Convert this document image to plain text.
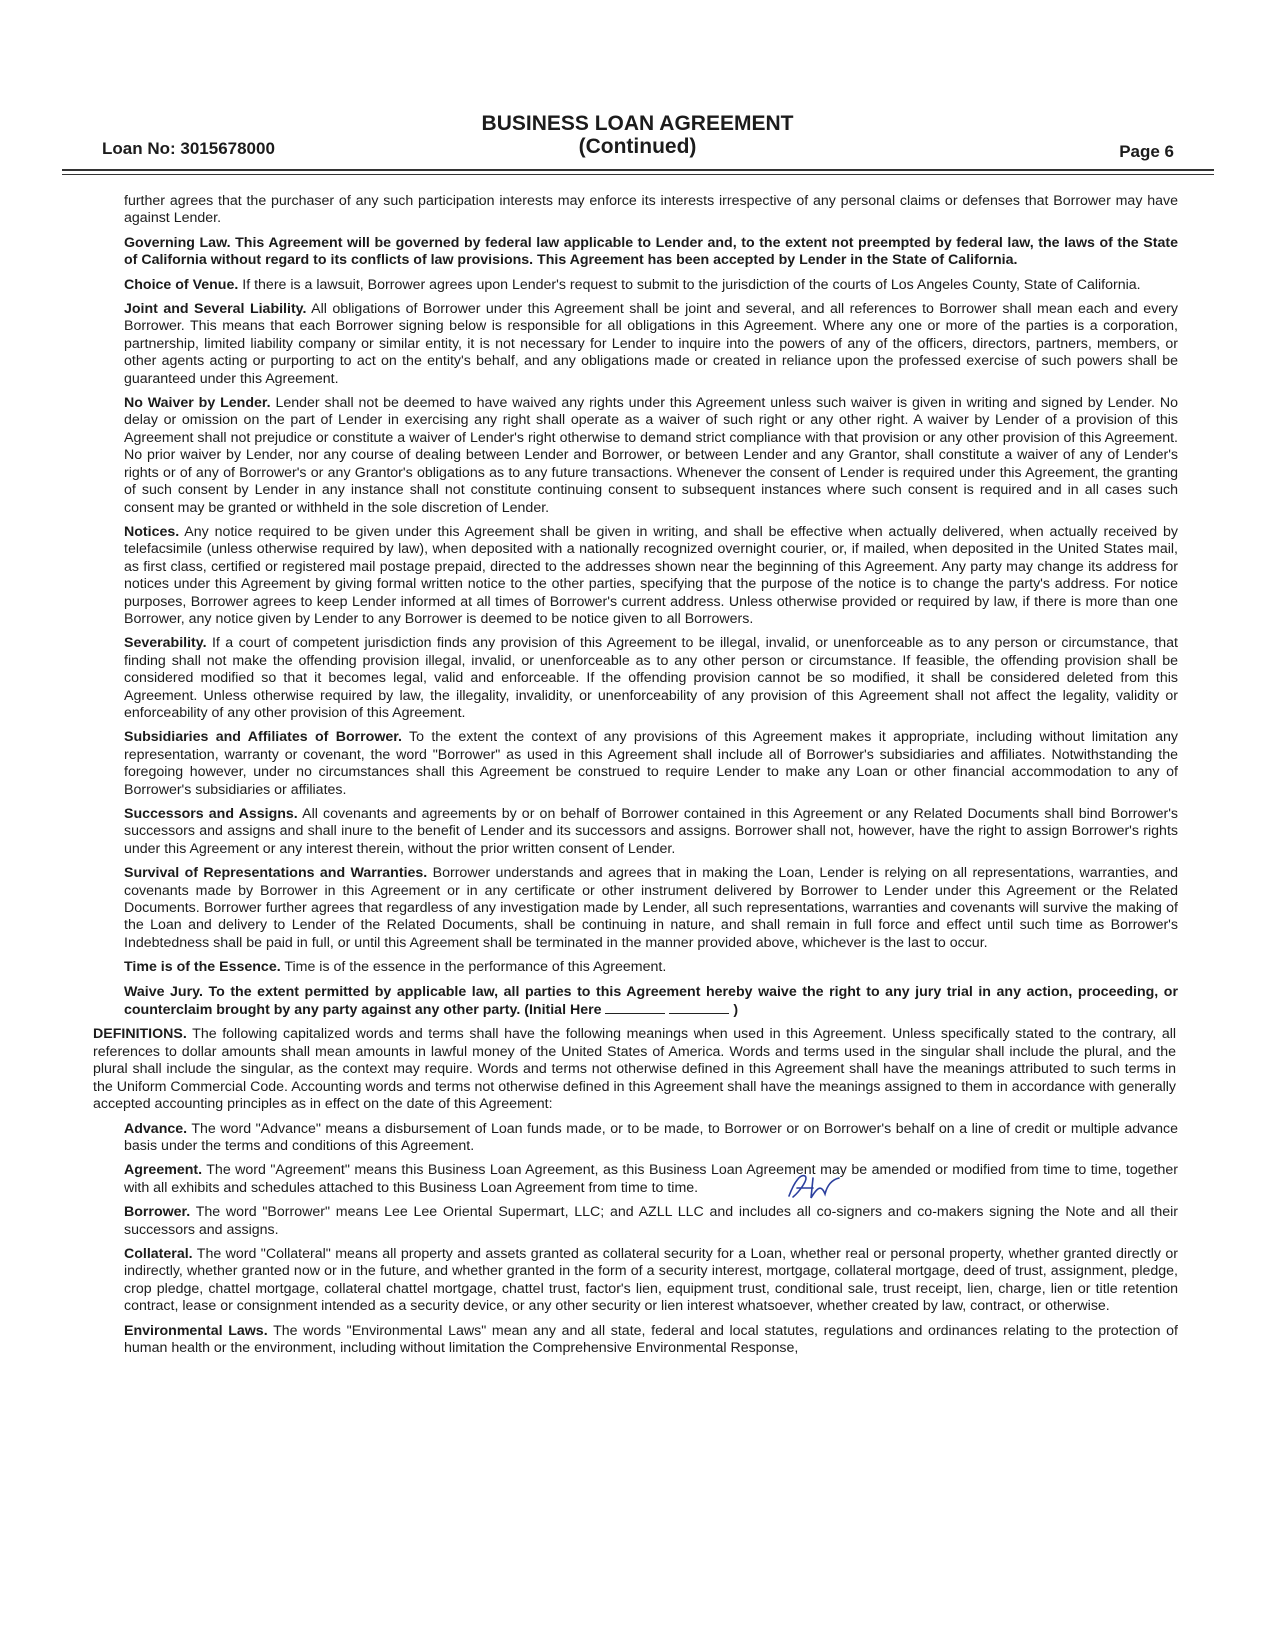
BUSINESS LOAN AGREEMENT
(Continued)
Loan No: 3015678000	Page 6

further agrees that the purchaser of any such participation interests may enforce its interests irrespective of any personal claims or defenses that Borrower may have against Lender.

Governing Law. This Agreement will be governed by federal law applicable to Lender and, to the extent not preempted by federal law, the laws of the State of California without regard to its conflicts of law provisions. This Agreement has been accepted by Lender in the State of California.

Choice of Venue. If there is a lawsuit, Borrower agrees upon Lender's request to submit to the jurisdiction of the courts of Los Angeles County, State of California.

Joint and Several Liability. All obligations of Borrower under this Agreement shall be joint and several, and all references to Borrower shall mean each and every Borrower. This means that each Borrower signing below is responsible for all obligations in this Agreement. Where any one or more of the parties is a corporation, partnership, limited liability company or similar entity, it is not necessary for Lender to inquire into the powers of any of the officers, directors, partners, members, or other agents acting or purporting to act on the entity's behalf, and any obligations made or created in reliance upon the professed exercise of such powers shall be guaranteed under this Agreement.

No Waiver by Lender. Lender shall not be deemed to have waived any rights under this Agreement unless such waiver is given in writing and signed by Lender. No delay or omission on the part of Lender in exercising any right shall operate as a waiver of such right or any other right. A waiver by Lender of a provision of this Agreement shall not prejudice or constitute a waiver of Lender's right otherwise to demand strict compliance with that provision or any other provision of this Agreement. No prior waiver by Lender, nor any course of dealing between Lender and Borrower, or between Lender and any Grantor, shall constitute a waiver of any of Lender's rights or of any of Borrower's or any Grantor's obligations as to any future transactions. Whenever the consent of Lender is required under this Agreement, the granting of such consent by Lender in any instance shall not constitute continuing consent to subsequent instances where such consent is required and in all cases such consent may be granted or withheld in the sole discretion of Lender.

Notices. Any notice required to be given under this Agreement shall be given in writing, and shall be effective when actually delivered, when actually received by telefacsimile (unless otherwise required by law), when deposited with a nationally recognized overnight courier, or, if mailed, when deposited in the United States mail, as first class, certified or registered mail postage prepaid, directed to the addresses shown near the beginning of this Agreement. Any party may change its address for notices under this Agreement by giving formal written notice to the other parties, specifying that the purpose of the notice is to change the party's address. For notice purposes, Borrower agrees to keep Lender informed at all times of Borrower's current address. Unless otherwise provided or required by law, if there is more than one Borrower, any notice given by Lender to any Borrower is deemed to be notice given to all Borrowers.

Severability. If a court of competent jurisdiction finds any provision of this Agreement to be illegal, invalid, or unenforceable as to any person or circumstance, that finding shall not make the offending provision illegal, invalid, or unenforceable as to any other person or circumstance. If feasible, the offending provision shall be considered modified so that it becomes legal, valid and enforceable. If the offending provision cannot be so modified, it shall be considered deleted from this Agreement. Unless otherwise required by law, the illegality, invalidity, or unenforceability of any provision of this Agreement shall not affect the legality, validity or enforceability of any other provision of this Agreement.

Subsidiaries and Affiliates of Borrower. To the extent the context of any provisions of this Agreement makes it appropriate, including without limitation any representation, warranty or covenant, the word "Borrower" as used in this Agreement shall include all of Borrower's subsidiaries and affiliates. Notwithstanding the foregoing however, under no circumstances shall this Agreement be construed to require Lender to make any Loan or other financial accommodation to any of Borrower's subsidiaries or affiliates.

Successors and Assigns. All covenants and agreements by or on behalf of Borrower contained in this Agreement or any Related Documents shall bind Borrower's successors and assigns and shall inure to the benefit of Lender and its successors and assigns. Borrower shall not, however, have the right to assign Borrower's rights under this Agreement or any interest therein, without the prior written consent of Lender.

Survival of Representations and Warranties. Borrower understands and agrees that in making the Loan, Lender is relying on all representations, warranties, and covenants made by Borrower in this Agreement or in any certificate or other instrument delivered by Borrower to Lender under this Agreement or the Related Documents. Borrower further agrees that regardless of any investigation made by Lender, all such representations, warranties and covenants will survive the making of the Loan and delivery to Lender of the Related Documents, shall be continuing in nature, and shall remain in full force and effect until such time as Borrower's Indebtedness shall be paid in full, or until this Agreement shall be terminated in the manner provided above, whichever is the last to occur.

Time is of the Essence. Time is of the essence in the performance of this Agreement.

Waive Jury. To the extent permitted by applicable law, all parties to this Agreement hereby waive the right to any jury trial in any action, proceeding, or counterclaim brought by any party against any other party. (Initial Here	)

DEFINITIONS. The following capitalized words and terms shall have the following meanings when used in this Agreement. Unless specifically stated to the contrary, all references to dollar amounts shall mean amounts in lawful money of the United States of America. Words and terms used in the singular shall include the plural, and the plural shall include the singular, as the context may require. Words and terms not otherwise defined in this Agreement shall have the meanings attributed to such terms in the Uniform Commercial Code. Accounting words and terms not otherwise defined in this Agreement shall have the meanings assigned to them in accordance with generally accepted accounting principles as in effect on the date of this Agreement:

Advance. The word "Advance" means a disbursement of Loan funds made, or to be made, to Borrower or on Borrower's behalf on a line of credit or multiple advance basis under the terms and conditions of this Agreement.

Agreement. The word "Agreement" means this Business Loan Agreement, as this Business Loan Agreement may be amended or modified from time to time, together with all exhibits and schedules attached to this Business Loan Agreement from time to time.

Borrower. The word "Borrower" means Lee Lee Oriental Supermart, LLC; and AZLL LLC and includes all co-signers and co-makers signing the Note and all their successors and assigns.

Collateral. The word "Collateral" means all property and assets granted as collateral security for a Loan, whether real or personal property, whether granted directly or indirectly, whether granted now or in the future, and whether granted in the form of a security interest, mortgage, collateral mortgage, deed of trust, assignment, pledge, crop pledge, chattel mortgage, collateral chattel mortgage, chattel trust, factor's lien, equipment trust, conditional sale, trust receipt, lien, charge, lien or title retention contract, lease or consignment intended as a security device, or any other security or lien interest whatsoever, whether created by law, contract, or otherwise.

Environmental Laws. The words "Environmental Laws" mean any and all state, federal and local statutes, regulations and ordinances relating to the protection of human health or the environment, including without limitation the Comprehensive Environmental Response,
